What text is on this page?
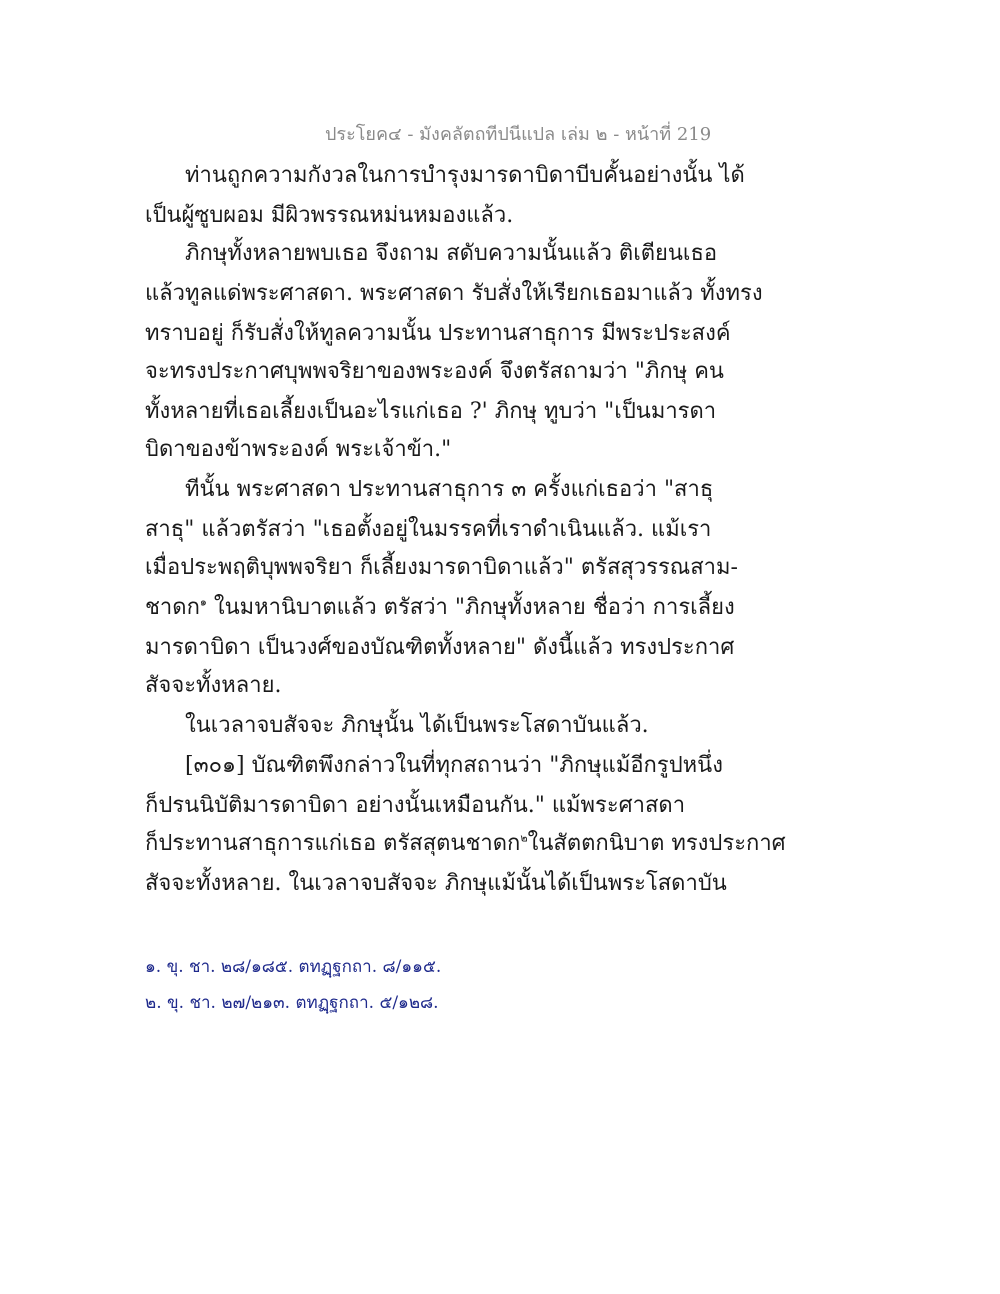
ประโยค๔ - มังคลัตถทีปนีแปล เล่ม ๒ - หน้าที่ 219
ท่านถูกความกังวลในการบำรุงมารดาบิดาบีบคั้นอย่างนั้น ได้
เป็นผู้ซูบผอม มีผิวพรรณหม่นหมองแล้ว.
ภิกษุทั้งหลายพบเธอ จึงถาม สดับความนั้นแล้ว ติเตียนเธอ
แล้วทูลแด่พระศาสดา. พระศาสดา รับสั่งให้เรียกเธอมาแล้ว ทั้งทรง
ทราบอยู่ ก็รับสั่งให้ทูลความนั้น ประทานสาธุการ มีพระประสงค์
จะทรงประกาศบุพพจริยาของพระองค์ จึงตรัสถามว่า "ภิกษุ คน
ทั้งหลายที่เธอเลี้ยงเป็นอะไรแก่เธอ ?' ภิกษุ ทูบว่า "เป็นมารดา
บิดาของข้าพระองค์ พระเจ้าข้า."
ทีนั้น พระศาสดา ประทานสาธุการ ๓ ครั้งแก่เธอว่า "สาธุ
สาธุ" แล้วตรัสว่า "เธอตั้งอยู่ในมรรคที่เราดำเนินแล้ว. แม้เรา
เมื่อประพฤติบุพพจริยา ก็เลี้ยงมารดาบิดาแล้ว" ตรัสสุวรรณสาม-
ชาดก$^๑$ ในมหานิบาตแล้ว ตรัสว่า "ภิกษุทั้งหลาย ชื่อว่า การเลี้ยง
มารดาบิดา เป็นวงศ์ของบัณฑิตทั้งหลาย" ดังนี้แล้ว ทรงประกาศ
สัจจะทั้งหลาย.
ในเวลาจบสัจจะ ภิกษุนั้น ได้เป็นพระโสดาบันแล้ว.
[๓๐๑] บัณฑิตพึงกล่าวในที่ทุกสถานว่า "ภิกษุแม้อีกรูปหนึ่ง
ก็ปรนนิบัติมารดาบิดา อย่างนั้นเหมือนกัน." แม้พระศาสดา
ก็ประทานสาธุการแก่เธอ ตรัสสุตนชาดก$^๒$ในสัตตกนิบาต ทรงประกาศ
สัจจะทั้งหลาย. ในเวลาจบสัจจะ ภิกษุแม้นั้นได้เป็นพระโสดาบัน
๑. ขุ. ชา. ๒๘/๑๘๕. ตทฏฺฐกถา. ๘/๑๑๕.
๒. ขุ. ชา. ๒๗/๒๑๓. ตทฏฺฐกถา. ๕/๑๒๘.
